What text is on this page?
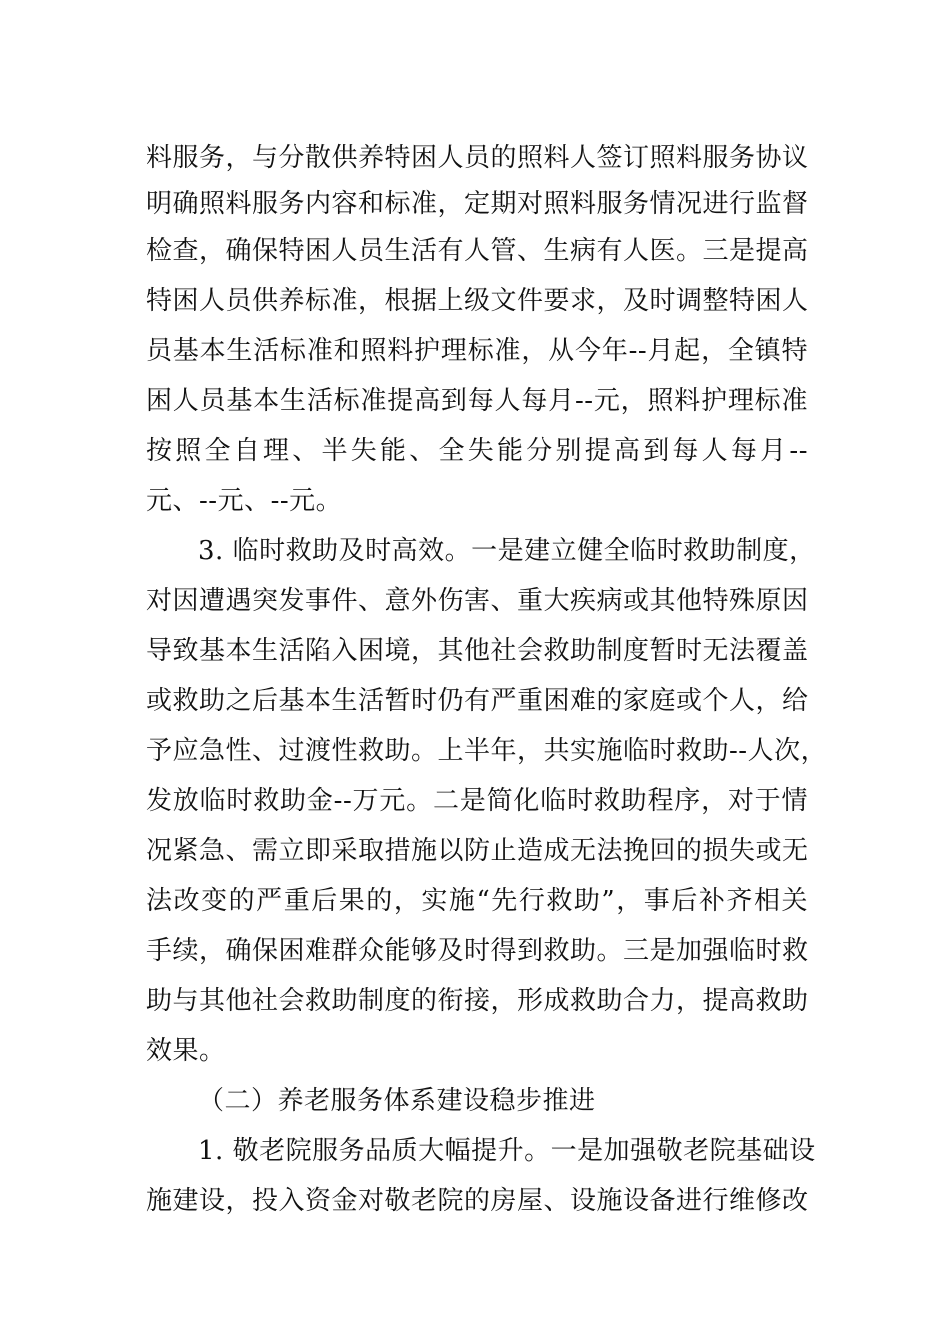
料服务，与分散供养特困人员的照料人签订照料服务协议
明确照料服务内容和标准，定期对照料服务情况进行监督
检查，确保特困人员生活有人管、生病有人医。三是提高
特困人员供养标准，根据上级文件要求，及时调整特困人
员基本生活标准和照料护理标准，从今年--月起，全镇特
困人员基本生活标准提高到每人每月--元，照料护理标准
按照全自理、半失能、全失能分别提高到每人每月--
元、--元、--元。
3. 临时救助及时高效。一是建立健全临时救助制度，
对因遭遇突发事件、意外伤害、重大疾病或其他特殊原因
导致基本生活陷入困境，其他社会救助制度暂时无法覆盖
或救助之后基本生活暂时仍有严重困难的家庭或个人，给
予应急性、过渡性救助。上半年，共实施临时救助--人次，
发放临时救助金--万元。二是简化临时救助程序，对于情
况紧急、需立即采取措施以防止造成无法挽回的损失或无
法改变的严重后果的，实施“先行救助”，事后补齐相关
手续，确保困难群众能够及时得到救助。三是加强临时救
助与其他社会救助制度的衔接，形成救助合力，提高救助
效果。
（二）养老服务体系建设稳步推进
1. 敬老院服务品质大幅提升。一是加强敬老院基础设
施建设，投入资金对敬老院的房屋、设施设备进行维修改
